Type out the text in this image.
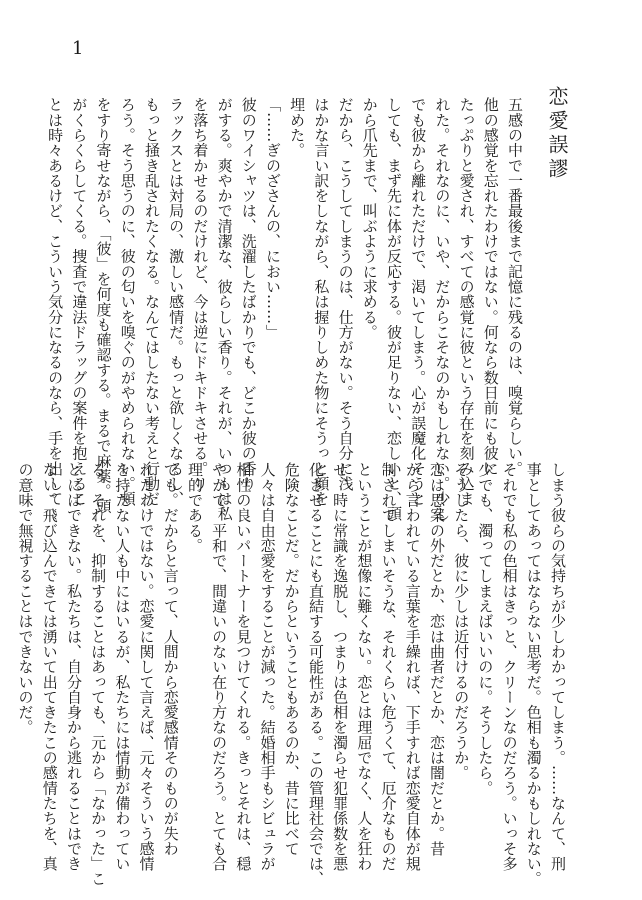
1
恋愛誤謬
五感の中で一番最後まで記憶に残るのは、嗅覚らしい。
他の感覚を忘れたわけではない。何なら数日前にも彼に
たっぷりと愛され、すべての感覚に彼という存在を刻み込ま
れた。それなのに、いや、だからこそなのかもしれない。少し
でも彼から離れただけで、渇いてしまう。心が誤魔化そうと
しても、まず先に体が反応する。彼が足りない、恋しいと、頭
から爪先まで、叫ぶように求める。
だから、こうしてしまうのは、仕方がない。そう自分に浅
はかな言い訳をしながら、私は握りしめた物にそうっと顔を
埋めた。
「……ぎのざさんの、におい……」
彼のワイシャツは、洗濯したばかりでも、どこか彼の香り
がする。爽やかで清潔な、彼らしい香り。それが、いつもは私
を落ち着かせるのだけれど、今は逆にドキドキさせる。リ
ラックスとは対局の、激しい感情だ。もっと欲しくなるし、
もっと掻き乱されたくなる。なんてはしたない考えと行動だ
ろう。そう思うのに、彼の匂いを嗅ぐのがやめられない。頬
をすり寄せながら、「彼」を何度も確認する。まるで麻薬。頭
がくらくらしてくる。捜査で違法ドラッグの案件を抱えるこ
とは時々あるけど、こういう気分になるのなら、手を出して
しまう彼らの気持ちが少しわかってしまう。……なんて、刑
事としてあってはならない思考だ。色相も濁るかもしれない。
それでも私の色相はきっと、クリーンなのだろう。いっそ多
少でも、濁ってしまえばいいのに。そうしたら。
そうしたら、彼に少しは近付けるのだろうか。
恋は思案の外だとか、恋は曲者だとか、恋は闇だとか。昔
から言われている言葉を手繰れば、下手すれば恋愛自体が規
制されてしまいそうな、それくらい危うくて、厄介なものだ
ということが想像に難くない。恋とは理屈でなく、人を狂わ
せ、時に常識を逸脱し、つまりは色相を濁らせ犯罪係数を悪
化させることにも直結する可能性がある。この管理社会では、
危険なことだ。だからということもあるのか、昔に比べて
人々は自由恋愛をすることが減った。結婚相手もシビュラが
相性の良いパートナーを見つけてくれる。きっとそれは、穏
やかで、平和で、間違いのない在り方なのだろう。とても合
理的である。
でも。だからと言って、人間から恋愛感情そのものが失わ
れたわけではない。恋愛に関して言えば、元々そういう感情
を持たない人も中にはいるが、私たちには情動が備わってい
る。それを、抑制することはあっても、元から「なかった」こ
とにはできない。私たちは、自分自身から逃れることはでき
ない。飛び込んできては湧いて出てきたこの感情たちを、真
の意味で無視することはできないのだ。
